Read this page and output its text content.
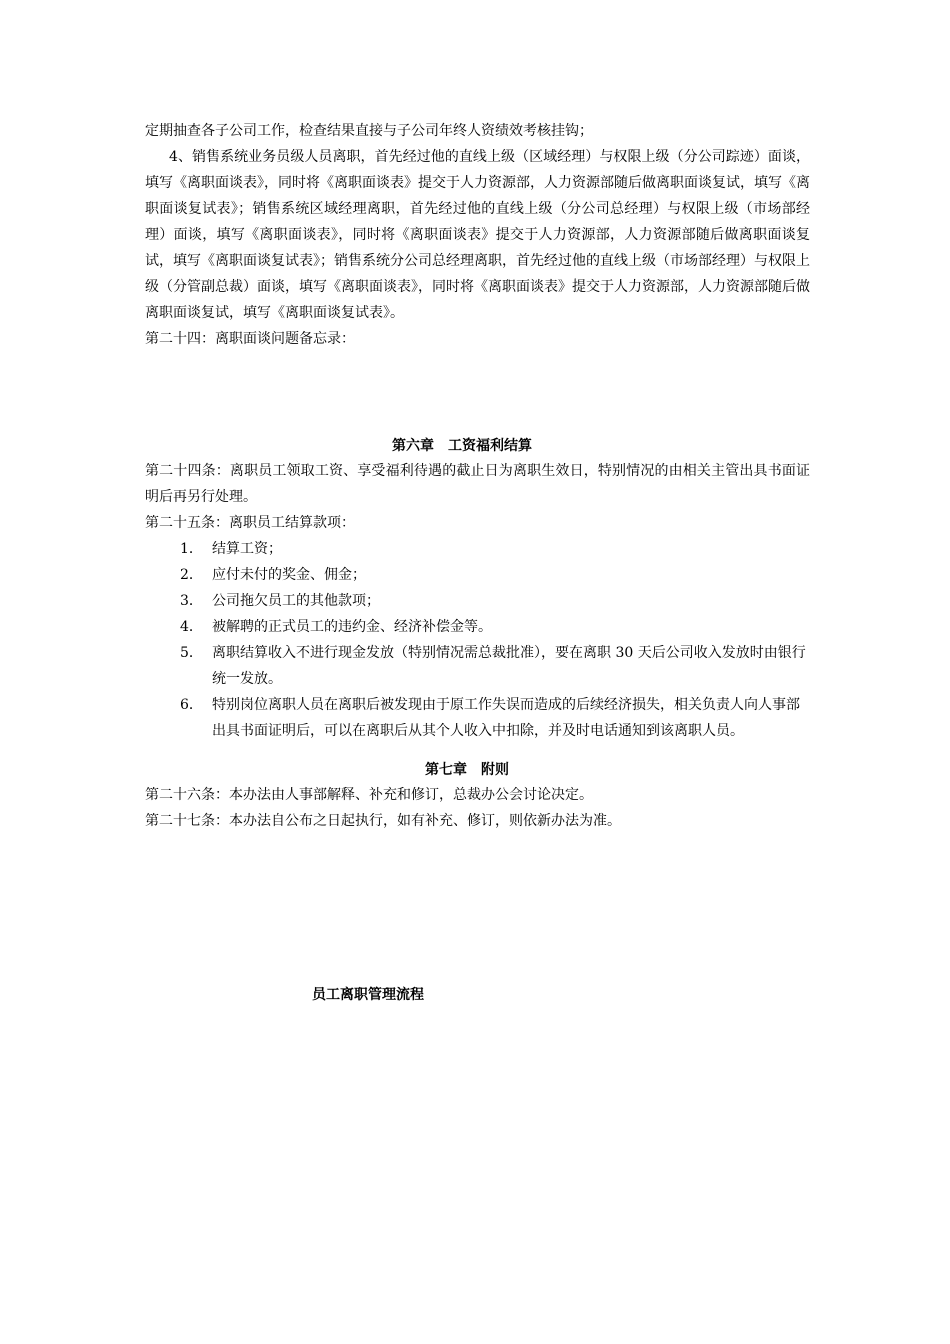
定期抽查各子公司工作，检查结果直接与子公司年终人资绩效考核挂钩；

4、销售系统业务员级人员离职，首先经过他的直线上级（区域经理）与权限上级（分公司踪迹）面谈，填写《离职面谈表》，同时将《离职面谈表》提交于人力资源部，人力资源部随后做离职面谈复试，填写《离职面谈复试表》；销售系统区域经理离职，首先经过他的直线上级（分公司总经理）与权限上级（市场部经理）面谈，填写《离职面谈表》，同时将《离职面谈表》提交于人力资源部，人力资源部随后做离职面谈复试，填写《离职面谈复试表》；销售系统分公司总经理离职，首先经过他的直线上级（市场部经理）与权限上级（分管副总裁）面谈，填写《离职面谈表》，同时将《离职面谈表》提交于人力资源部，人力资源部随后做离职面谈复试，填写《离职面谈复试表》。

第二十四：离职面谈问题备忘录：

第六章　工资福利结算

第二十四条：离职员工领取工资、享受福利待遇的截止日为离职生效日，特别情况的由相关主管出具书面证明后再另行处理。

第二十五条：离职员工结算款项：

1． 结算工资；
2． 应付未付的奖金、佣金；
3． 公司拖欠员工的其他款项；
4． 被解聘的正式员工的违约金、经济补偿金等。
5． 离职结算收入不进行现金发放（特别情况需总裁批准），要在离职 30 天后公司收入发放时由银行统一发放。
6． 特别岗位离职人员在离职后被发现由于原工作失误而造成的后续经济损失，相关负责人向人事部出具书面证明后，可以在离职后从其个人收入中扣除，并及时电话通知到该离职人员。
第七章　附则
第二十六条：本办法由人事部解释、补充和修订，总裁办公会讨论决定。
第二十七条：本办法自公布之日起执行，如有补充、修订，则依新办法为准。
员工离职管理流程
